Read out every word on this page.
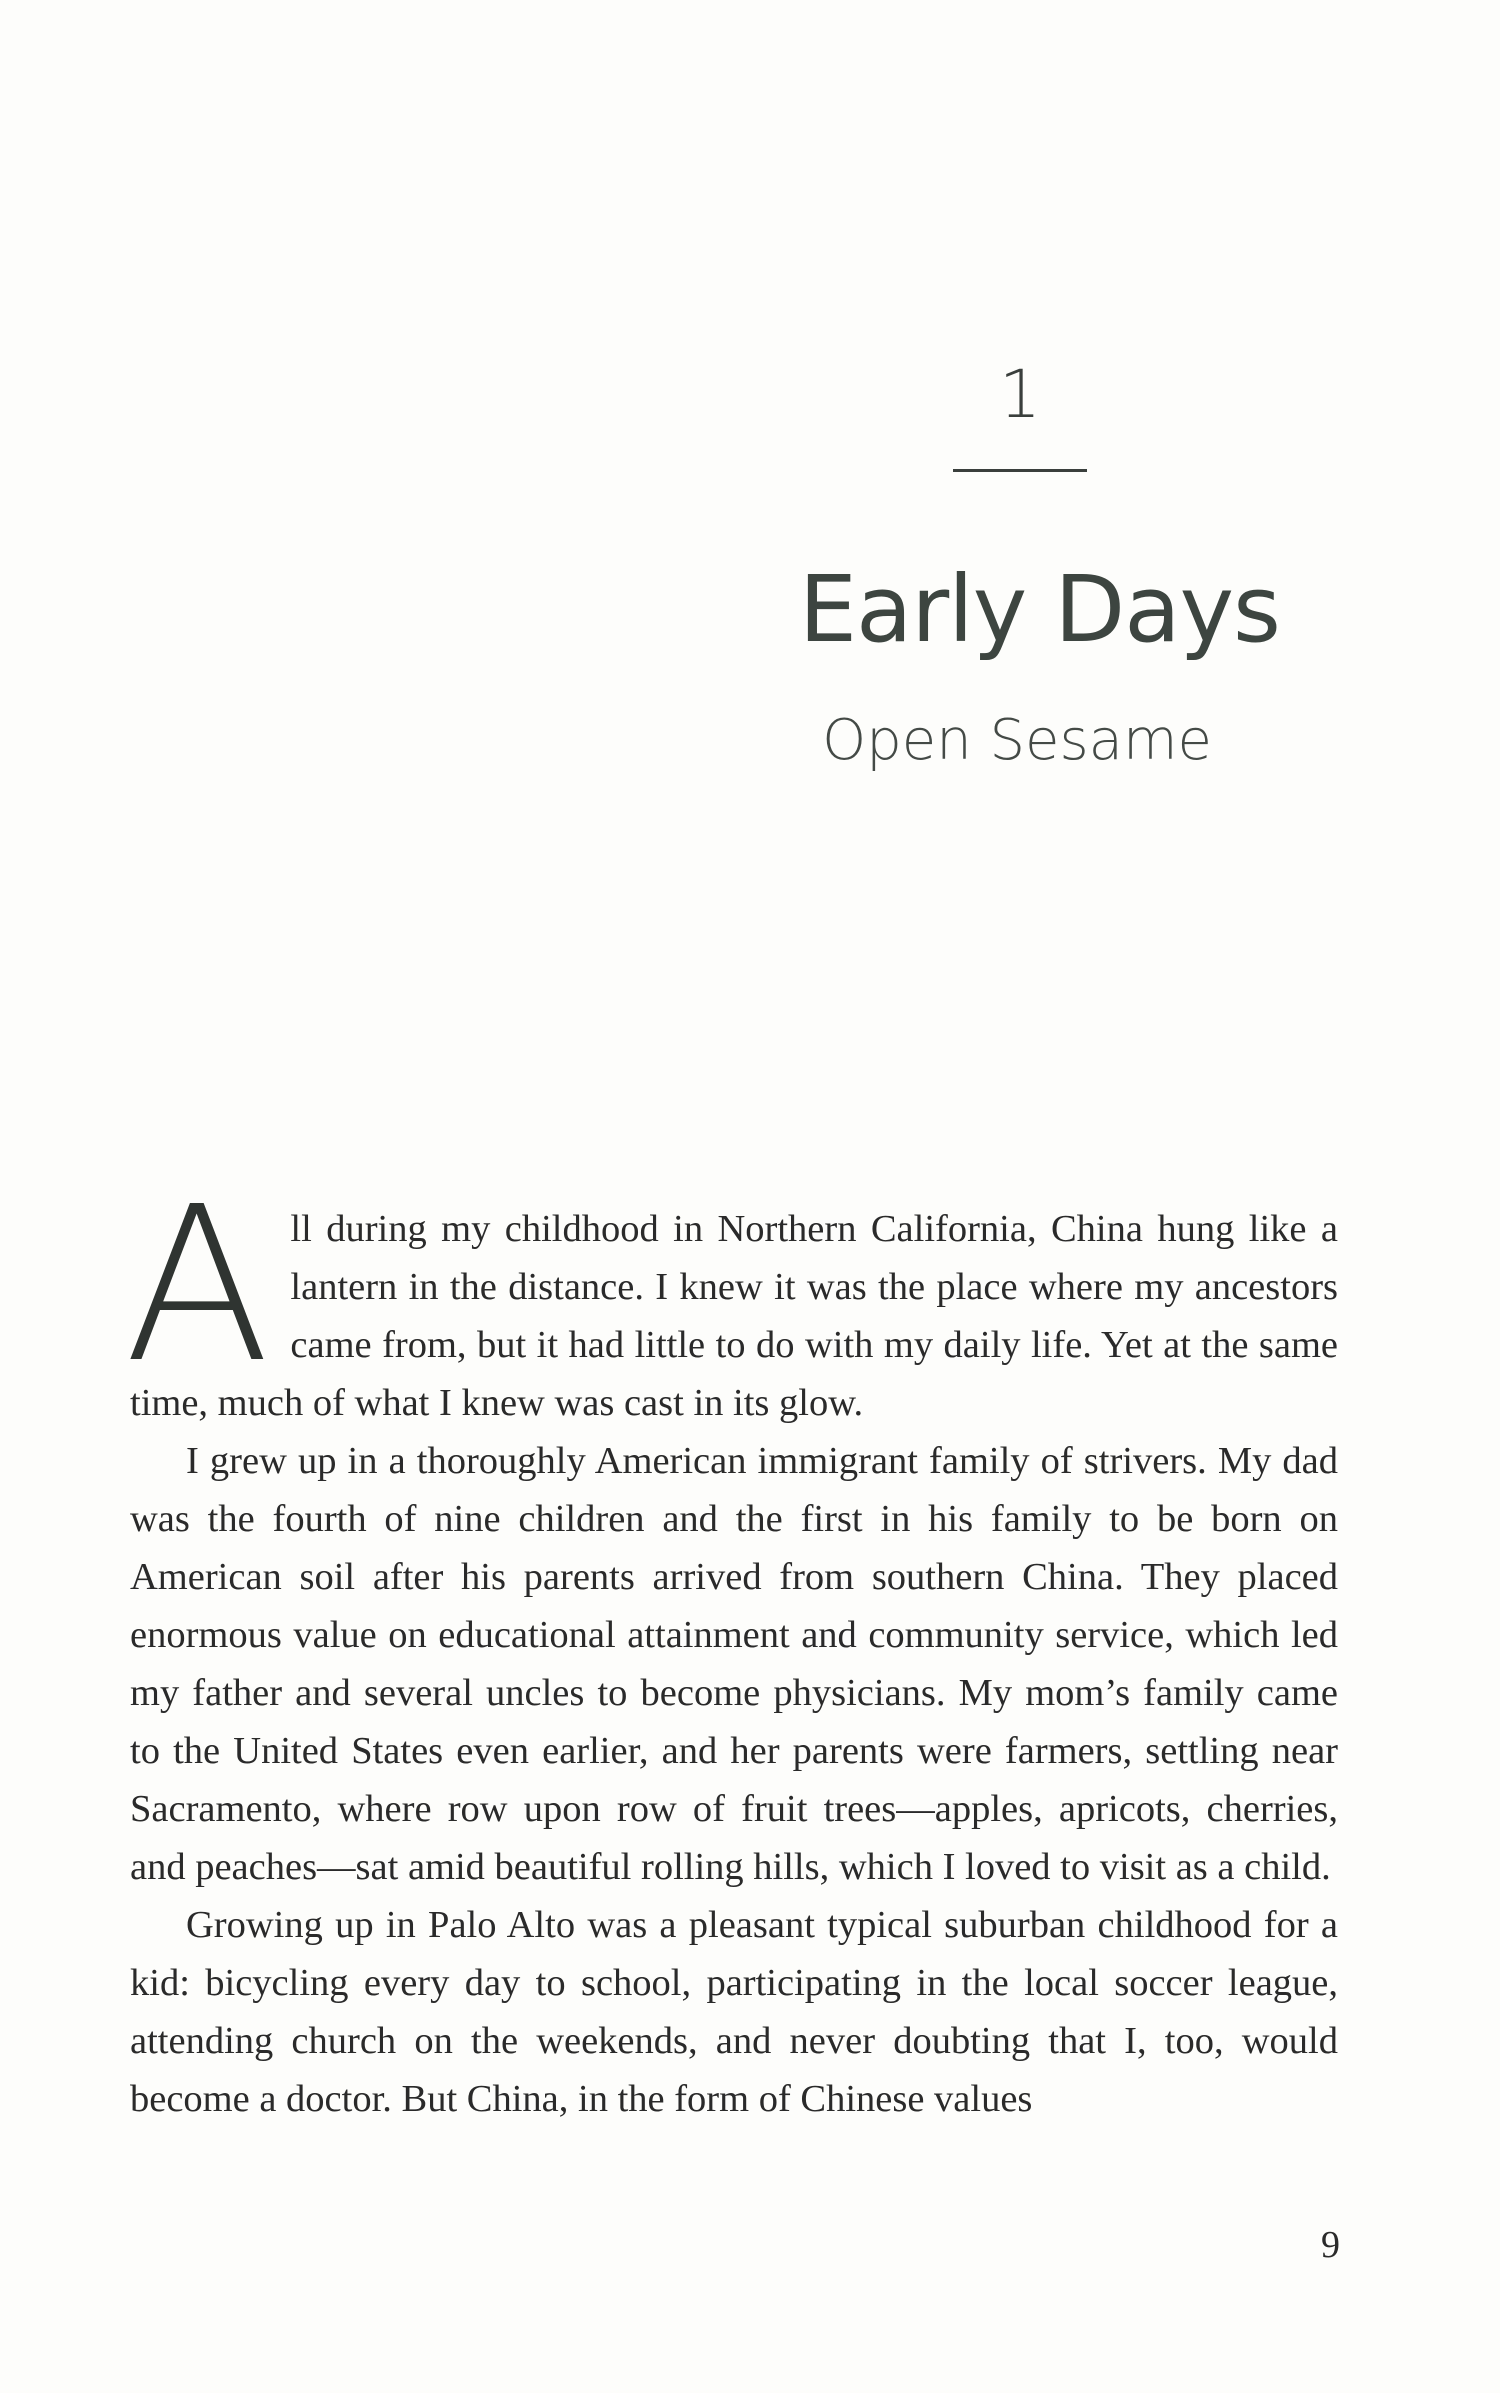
1
Early Days
Open Sesame

All during my childhood in Northern California, China hung like a lantern in the distance. I knew it was the place where my ancestors came from, but it had little to do with my daily life. Yet at the same time, much of what I knew was cast in its glow.

I grew up in a thoroughly American immigrant family of strivers. My dad was the fourth of nine children and the first in his family to be born on American soil after his parents arrived from southern China. They placed enormous value on educational attainment and community service, which led my father and several uncles to become physicians. My mom’s family came to the United States even earlier, and her parents were farmers, settling near Sacramento, where row upon row of fruit trees—apples, apricots, cherries, and peaches—sat amid beautiful rolling hills, which I loved to visit as a child.

Growing up in Palo Alto was a pleasant typical suburban childhood for a kid: bicycling every day to school, participating in the local soccer league, attending church on the weekends, and never doubting that I, too, would become a doctor. But China, in the form of Chinese values

9
